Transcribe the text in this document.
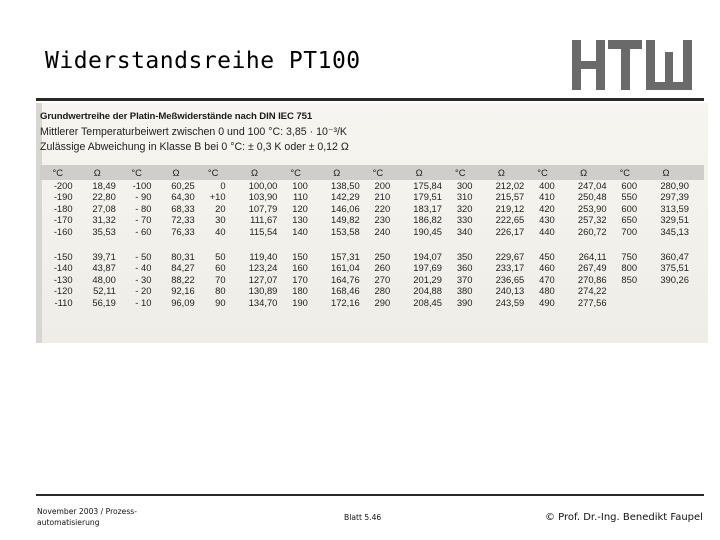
Widerstandsreihe PT100
Grundwertreihe der Platin-Meßwiderstände nach DIN IEC 751
Mittlerer Temperaturbeiwert zwischen 0 und 100 °C: 3,85 · 10⁻³/K
Zulässige Abweichung in Klasse B bei 0 °C: ± 0,3 K oder ± 0,12 Ω
°C	Ω	°C	Ω	°C	Ω	°C	Ω	°C	Ω	°C	Ω	°C	Ω	°C	Ω
-200	18,49	-100	60,25	0	100,00	100	138,50	200	175,84	300	212,02	400	247,04	600	280,90
-190	22,80	- 90	64,30	+10	103,90	110	142,29	210	179,51	310	215,57	410	250,48	550	297,39
-180	27,08	- 80	68,33	20	107,79	120	146,06	220	183,17	320	219,12	420	253,90	600	313,59
-170	31,32	- 70	72,33	30	111,67	130	149,82	230	186,82	330	222,65	430	257,32	650	329,51
-160	35,53	- 60	76,33	40	115,54	140	153,58	240	190,45	340	226,17	440	260,72	700	345,13

-150	39,71	- 50	80,31	50	119,40	150	157,31	250	194,07	350	229,67	450	264,11	750	360,47
-140	43,87	- 40	84,27	60	123,24	160	161,04	260	197,69	360	233,17	460	267,49	800	375,51
-130	48,00	- 30	88,22	70	127,07	170	164,76	270	201,29	370	236,65	470	270,86	850	390,26
-120	52,11	- 20	92,16	80	130,89	180	168,46	280	204,88	380	240,13	480	274,22		
-110	56,19	- 10	96,09	90	134,70	190	172,16	290	208,45	390	243,59	490	277,56		
November 2003 / Prozess-automatisierung
Blatt 5.46	© Prof. Dr.-Ing. Benedikt Faupel
